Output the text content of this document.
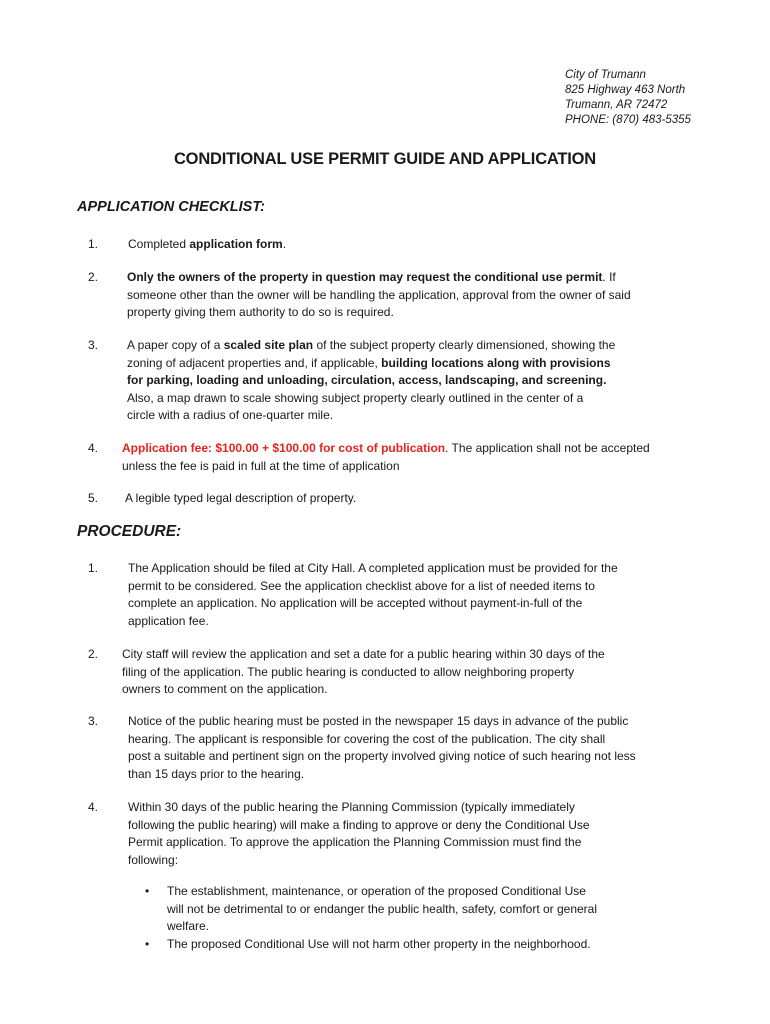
City of Trumann
825 Highway 463 North
Trumann, AR 72472
PHONE: (870) 483-5355
CONDITIONAL USE PERMIT GUIDE AND APPLICATION
APPLICATION CHECKLIST:
1. Completed application form.

2. Only the owners of the property in question may request the conditional use permit. If

someone other than the owner will be handling the application, approval from the owner of said

property giving them authority to do so is required.

3. A paper copy of a scaled site plan of the subject property clearly dimensioned, showing the

zoning of adjacent properties and, if applicable, building locations along with provisions

for parking, loading and unloading, circulation, access, landscaping, and screening.

Also, a map drawn to scale showing subject property clearly outlined in the center of a

circle with a radius of one-quarter mile.

4. Application fee: $100.00 + $100.00 for cost of publication. The application shall not be accepted

unless the fee is paid in full at the time of application

5. A legible typed legal description of property.

PROCEDURE:
1. The Application should be filed at City Hall. A completed application must be provided for the

permit to be considered. See the application checklist above for a list of needed items to

complete an application. No application will be accepted without payment-in-full of the

application fee.

2. City staff will review the application and set a date for a public hearing within 30 days of the

filing of the application. The public hearing is conducted to allow neighboring property

owners to comment on the application.

3. Notice of the public hearing must be posted in the newspaper 15 days in advance of the public

hearing. The applicant is responsible for covering the cost of the publication. The city shall

post a suitable and pertinent sign on the property involved giving notice of such hearing not less

than 15 days prior to the hearing.

4. Within 30 days of the public hearing the Planning Commission (typically immediately

following the public hearing) will make a finding to approve or deny the Conditional Use

Permit application. To approve the application the Planning Commission must find the

following:

• The establishment, maintenance, or operation of the proposed Conditional Use

will not be detrimental to or endanger the public health, safety, comfort or general

welfare.

• The proposed Conditional Use will not harm other property in the neighborhood.
